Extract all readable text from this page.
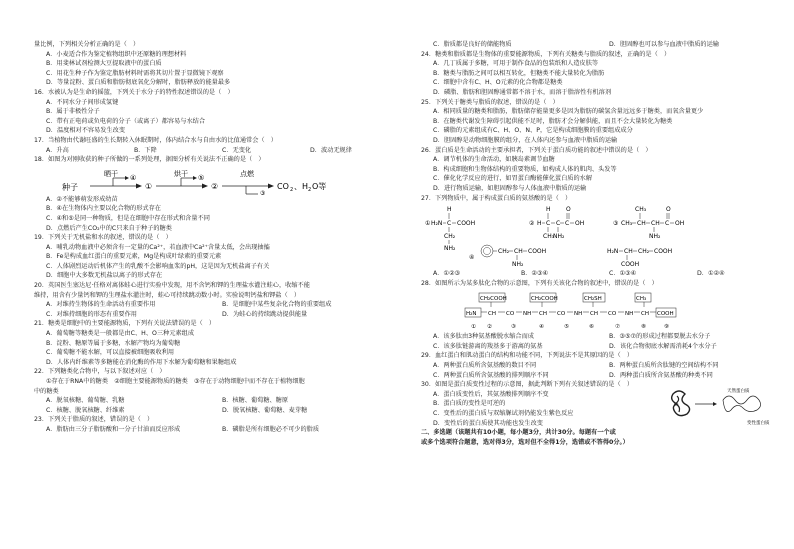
量比例，下列相关分析正确的是（　）
A．小麦适合作为鉴定植物组织中还原糖的理想材料
B．用斐林试剂检测大豆提取液中的蛋白质
C．用花生种子作为鉴定脂肪材料时需将其切片置于显微镜下观察
D．等量淀粉、蛋白质和脂肪彻底氧化分解时，脂肪释放的能量最多
16．水被认为是生命的摇篮，下列关于水分子的特性叙述错误的是（　）
A．不同水分子间形成氢键
B．属于非极性分子
C．带有正电荷或负电荷的分子（或离子）都容易与水结合
D．温度相对不容易发生改变
17．当植物由代谢旺盛的生长期转入休眠期时，体内结合水与自由水的比值通常会（　）
A．升高	B．下降	C．无变化	D．波动无规律
18．如图为对刚收获的种子所做的一系列处理，据图分析有关说法不正确的是（　）
种子
晒干 ④
①
烘干 ⑤
②
点燃
③
CO 2 、 H 2 O等
A．②不能够萌发形成幼苗
B．④在生物体内主要以化合物的形式存在
C．④和⑤是同一种物质，但是在细胞中存在形式和含量不同
D．点燃后产生CO₂中的C只来自于种子的糖类
19．下列关于无机盐和水的叙述，错误的是（　）
A．哺乳动物血液中必须含有一定量的Ca²⁺，若血液中Ca²⁺含量太低，会出现抽搐
B．Fe是构成血红蛋白的重要元素，Mg是构成叶绿素的重要元素
C．人体剧烈运动后机体产生的乳酸不会影响血浆的pH，这是因为无机盐离子有关
D．细胞中大多数无机盐以离子的形式存在
20．英国医生塞达尼·任格对离体蛙心进行实验中发现，用不含钙和钾的生理盐水灌注蛙心，收缩不能
维持，用含有少量钙和钾的生理盐水灌注时，蛙心可持续跳动数小时。实验说明钙盐和钾盐（　）
A．对维持生物体的生命活动有重要作用	B．是细胞中某些复杂化合物的重要组成
C．对维持细胞的形态有重要作用	D．为蛙心的持续跳动提供能量
21．糖类是细胞中的主要能源物质，下列有关说法错误的是（　）
A．葡萄糖等糖类是一般都是由C、H、O三种元素组成
B．淀粉、糖原等属于多糖，水解产物均为葡萄糖
C．葡萄糖不能水解，可以直接被细胞吸收利用
D．人体内纤维素等多糖能在消化酶的作用下水解为葡萄糖和果糖组成
22．下列糖类化合物中，与以下叙述对应（　）
①存在于RNA中的糖类　②细胞主要能源物质的糖类　③存在于动物细胞中而不存在于植物细胞
中的糖类
A．脱氧核糖、葡萄糖、乳糖	B．核糖、葡萄糖、糖原
C．核糖、脱氧核糖、纤维素	D．脱氧核糖、葡萄糖、麦芽糖
23．下列关于脂质的叙述，错误的是（　）
A．脂肪由三分子脂肪酸和一分子甘油而反应形成	B．磷脂是所有细胞必不可少的脂质
C．脂质都是良好的储能物质	D．胆固醇也可以参与血液中脂质的运输
24．糖类和脂质都是生物体的重要能源物质，下列有关糖类与脂质的叙述，正确的是（　）
A．几丁质属于多糖，可用于制作食品的包装纸和人造皮肤等
B．糖类与脂肪之间可以相互转化，但糖类不能大量转化为脂肪
C．细胞中含有C、H、O元素的化合物都是糖类
D．磷脂、脂肪和胆固醇通常都不溶于水，而溶于脂溶性有机溶剂
25．下列关于糖类与脂质的叙述，错误的是（　）
A．相同质量的糖类和脂肪，脂肪储存能量更多是因为脂肪的碳氢含量远远多于糖类，而氧含量更少
B．在糖类代谢发生障碍引起供能不足时，脂肪才会分解供能，而且不会大量转化为糖类
C．磷脂的元素组成有C、H、O、N、P，它是构成细胞膜的重要组成成分
D．胆固醇是动物细胞膜的组分，在人体内还参与血液中脂质的运输
26．蛋白质是生命活动的主要承担者，下列关于蛋白质功能的叙述中错误的是（　）
A．调节机体的生命活动，如胰岛素调节血糖
B．构成细胞和生物体结构的重要物质，如构成人体的肌肉、头发等
C．催化化学反应的进行，如胃蛋白酶能催化蛋白质的水解
D．进行物质运输，如胆固醇参与人体血液中脂质的运输
27．下列物质中，属于构成蛋白质的氨基酸的是（　）
①
H
H₂N C COOH
CH₂
NH₂
② H C
H
C C
O
OH
CH₃
NH₂
③ CH₃ CH
CH₃
CH C
O
OH
NH₂
④
CH₂ CH COOH
NH₂
H₂N CH CH₂
COOH
COOH
A．①②③	B．②③④	C．①③④	D．①②④
28．如图所示为某多肽化合物的示意图，下列有关该化合物的叙述中，错误的是（　）
H₂N CH
CH₂COOH
CO NH CH
CH₂COOH
CO NH CH
CH₂SH
CO NH CH
CH₃
COOH
① ②	③	④	⑤	⑥	⑦	⑧	⑨
A．该多肽由3种氨基酸脱水缩合而成	B．③⑤⑦的形成过程都要脱去水分子
C．该多肽链游离的羧基多于游离的氨基	D．该化合物彻底水解需消耗4个水分子
29．血红蛋白和肌动蛋白的结构和功能不同，下列说法不是其原因的是（　）
A．两种蛋白质所含氨基酸的数目不同	B．两种蛋白质所含肽键的空间结构不同
C．两种蛋白质所含氨基酸的排列顺序不同	D．两种蛋白质所含氨基酸的种类不同
30．如图是蛋白质变性过程的示意图，据此判断下列有关叙述错误的是（　）
A．蛋白质变性后，其氨基酸排列顺序不变
B．蛋白质的变性是可逆的
C．变性后的蛋白质与双缩脲试剂仍能发生紫色反应
D．变性后的蛋白质使其功能也发生改变
天然蛋白质
变性蛋白质
二、多选题（该题共有10小题，每小题3分，共计30分。每题有一个或
或多个选项符合题意，选对得3分，选对但不全得1分，选错或不答得0分。）
